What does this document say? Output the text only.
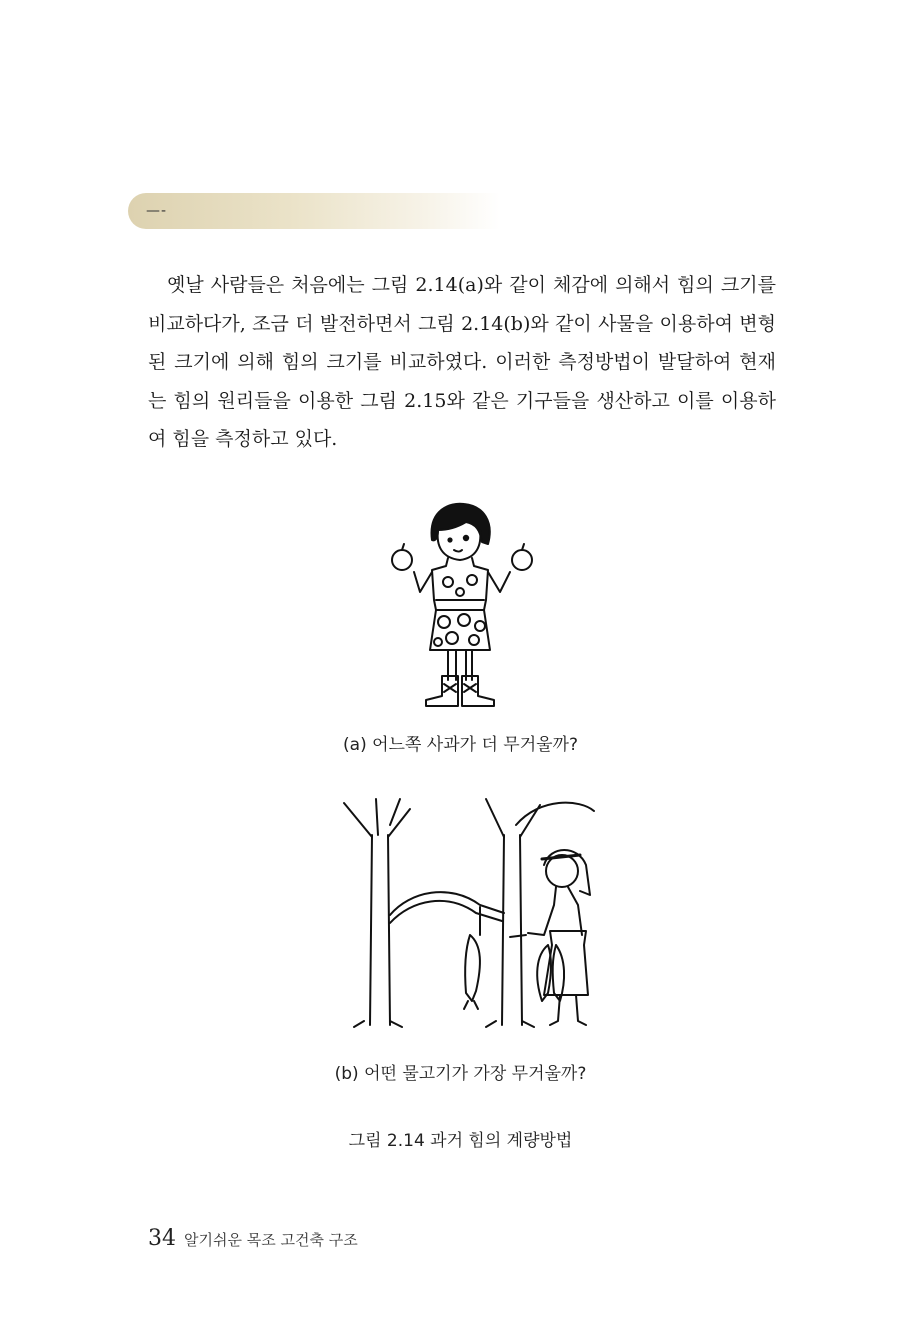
—-

옛날 사람들은 처음에는 그림 2.14(a)와 같이 체감에 의해서 힘의 크기를 비교하다가, 조금 더 발전하면서 그림 2.14(b)와 같이 사물을 이용하여 변형된 크기에 의해 힘의 크기를 비교하였다. 이러한 측정방법이 발달하여 현재는 힘의 원리들을 이용한 그림 2.15와 같은 기구들을 생산하고 이를 이용하여 힘을 측정하고 있다.

(a) 어느쪽 사과가 더 무거울까?
(b) 어떤 물고기가 가장 무거울까?
그림 2.14 과거 힘의 계량방법
34 알기쉬운 목조 고건축 구조
